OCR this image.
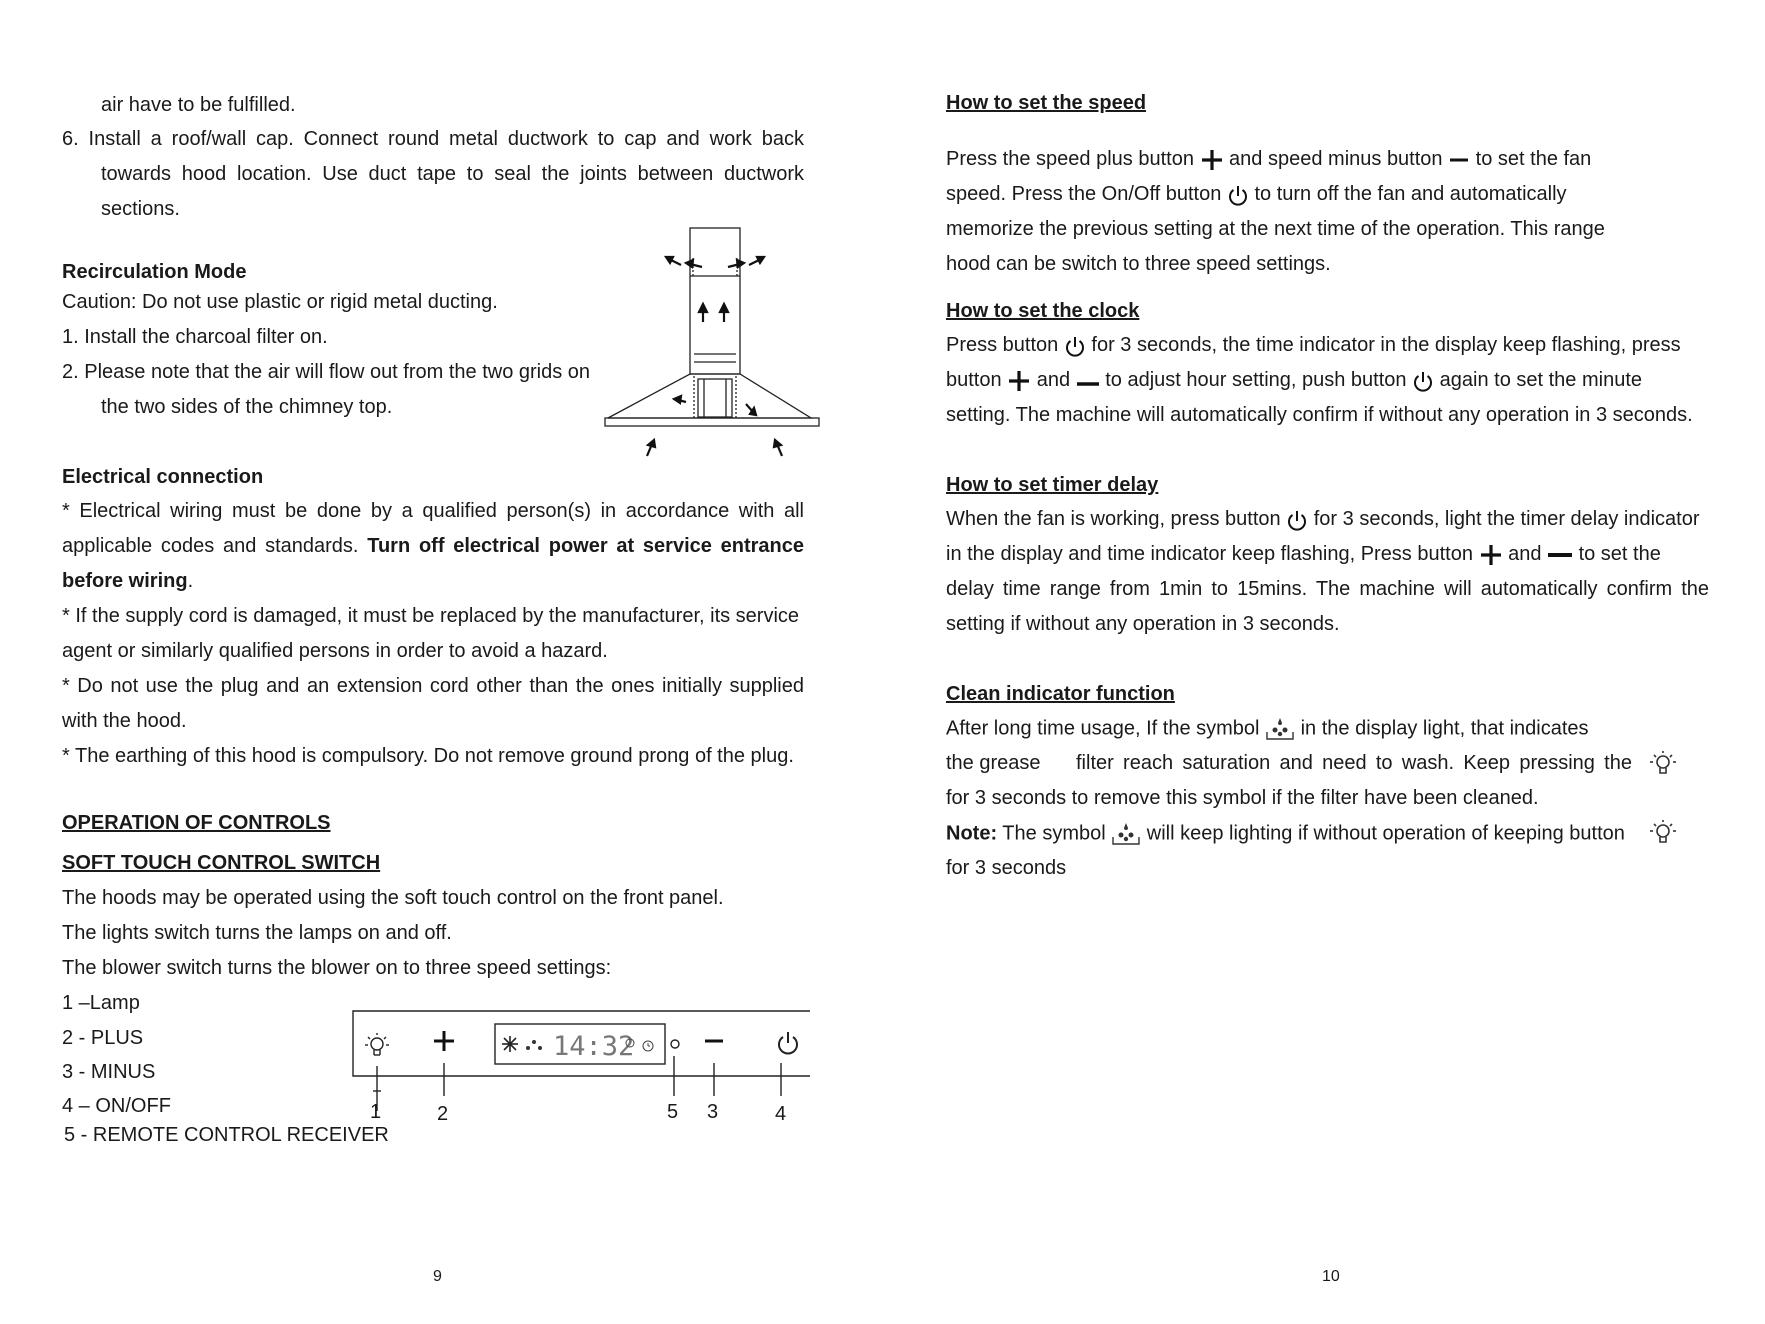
air have to be fulfilled.
6. Install a roof/wall cap. Connect round metal ductwork to cap and work back
towards hood location. Use duct tape to seal the joints between ductwork
sections.
Recirculation Mode
Caution: Do not use plastic or rigid metal ducting.
1. Install the charcoal filter on.
2. Please note that the air will flow out from the two grids on
the two sides of the chimney top.
Electrical connection
* Electrical wiring must be done by a qualified person(s) in accordance with all
applicable codes and standards. Turn off electrical power at service entrance
before wiring.
* If the supply cord is damaged, it must be replaced by the manufacturer, its service
agent or similarly qualified persons in order to avoid a hazard.
* Do not use the plug and an extension cord other than the ones initially supplied
with the hood.
* The earthing of this hood is compulsory. Do not remove ground prong of the plug.
OPERATION OF CONTROLS
SOFT TOUCH CONTROL SWITCH
The hoods may be operated using the soft touch control on the front panel.
The lights switch turns the lamps on and off.
The blower switch turns the blower on to three speed settings:
1 –Lamp
2 - PLUS
3 - MINUS
4 – ON/OFF
5 - REMOTE CONTROL RECEIVER
14:32
1	2	5 3	4
9
How to set the speed
Press the speed plus button  and speed minus button  to set the fan
speed. Press the On/Off button  to turn off the fan and automatically
memorize the previous setting at the next time of the operation. This range
hood can be switch to three speed settings.
How to set the clock
Press button  for 3 seconds, the time indicator in the display keep flashing, press
button  and  to adjust hour setting, push button  again to set the minute
setting. The machine will automatically confirm if without any operation in 3 seconds.
How to set timer delay
When the fan is working, press button  for 3 seconds, light the timer delay indicator
in the display and time indicator keep flashing, Press button  and  to set the
delay time range from 1min to 15mins. The machine will automatically confirm the
setting if without any operation in 3 seconds.
Clean indicator function
After long time usage, If the symbol  in the display light, that indicates
the grease filter reach saturation and need to wash. Keep pressing the
for 3 seconds to remove this symbol if the filter have been cleaned.
Note: The symbol  will keep lighting if without operation of keeping button
for 3 seconds
10
